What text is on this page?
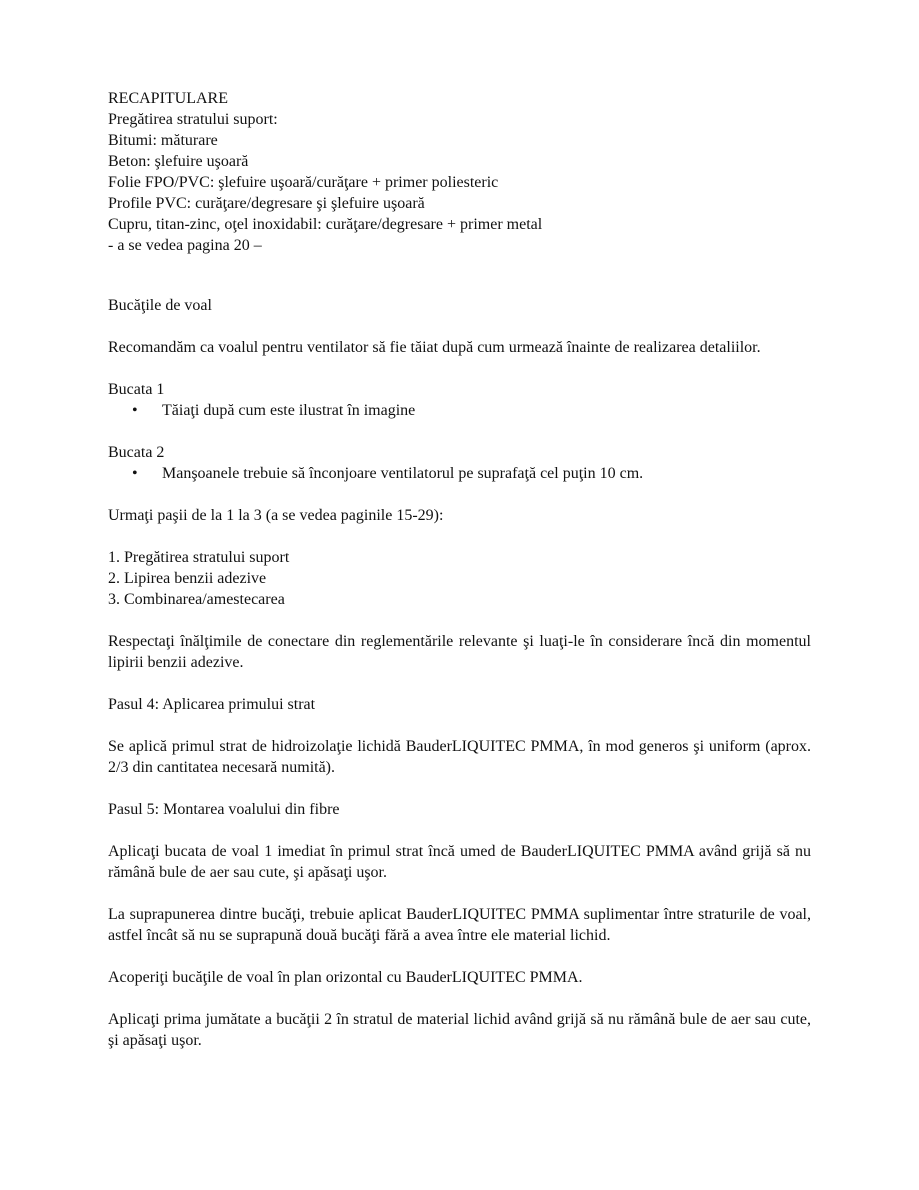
RECAPITULARE
Pregătirea stratului suport:
Bitumi: măturare
Beton: şlefuire uşoară
Folie FPO/PVC: şlefuire uşoară/curăţare + primer poliesteric
Profile PVC: curăţare/degresare şi şlefuire uşoară
Cupru, titan-zinc, oţel inoxidabil: curăţare/degresare + primer metal
- a se vedea pagina 20 –

Bucăţile de voal

Recomandăm ca voalul pentru ventilator să fie tăiat după cum urmează înainte de realizarea detaliilor.

Bucata 1
• Tăiaţi după cum este ilustrat în imagine
Bucata 2
• Manşoanele trebuie să înconjoare ventilatorul pe suprafaţă cel puţin 10 cm.

Urmaţi paşii de la 1 la 3 (a se vedea paginile 15-29):

1. Pregătirea stratului suport
2. Lipirea benzii adezive
3. Combinarea/amestecarea

Respectaţi înălţimile de conectare din reglementările relevante şi luaţi-le în considerare încă din momentul lipirii benzii adezive.

Pasul 4: Aplicarea primului strat

Se aplică primul strat de hidroizolaţie lichidă BauderLIQUITEC PMMA, în mod generos şi uniform (aprox. 2/3 din cantitatea necesară numită).

Pasul 5: Montarea voalului din fibre

Aplicaţi bucata de voal 1 imediat în primul strat încă umed de BauderLIQUITEC PMMA având grijă să nu rămână bule de aer sau cute, şi apăsaţi uşor.

La suprapunerea dintre bucăţi, trebuie aplicat BauderLIQUITEC PMMA suplimentar între straturile de voal, astfel încât să nu se suprapună două bucăţi fără a avea între ele material lichid.

Acoperiţi bucăţile de voal în plan orizontal cu BauderLIQUITEC PMMA.

Aplicaţi prima jumătate a bucăţii 2 în stratul de material lichid având grijă să nu rămână bule de aer sau cute, şi apăsaţi uşor.
